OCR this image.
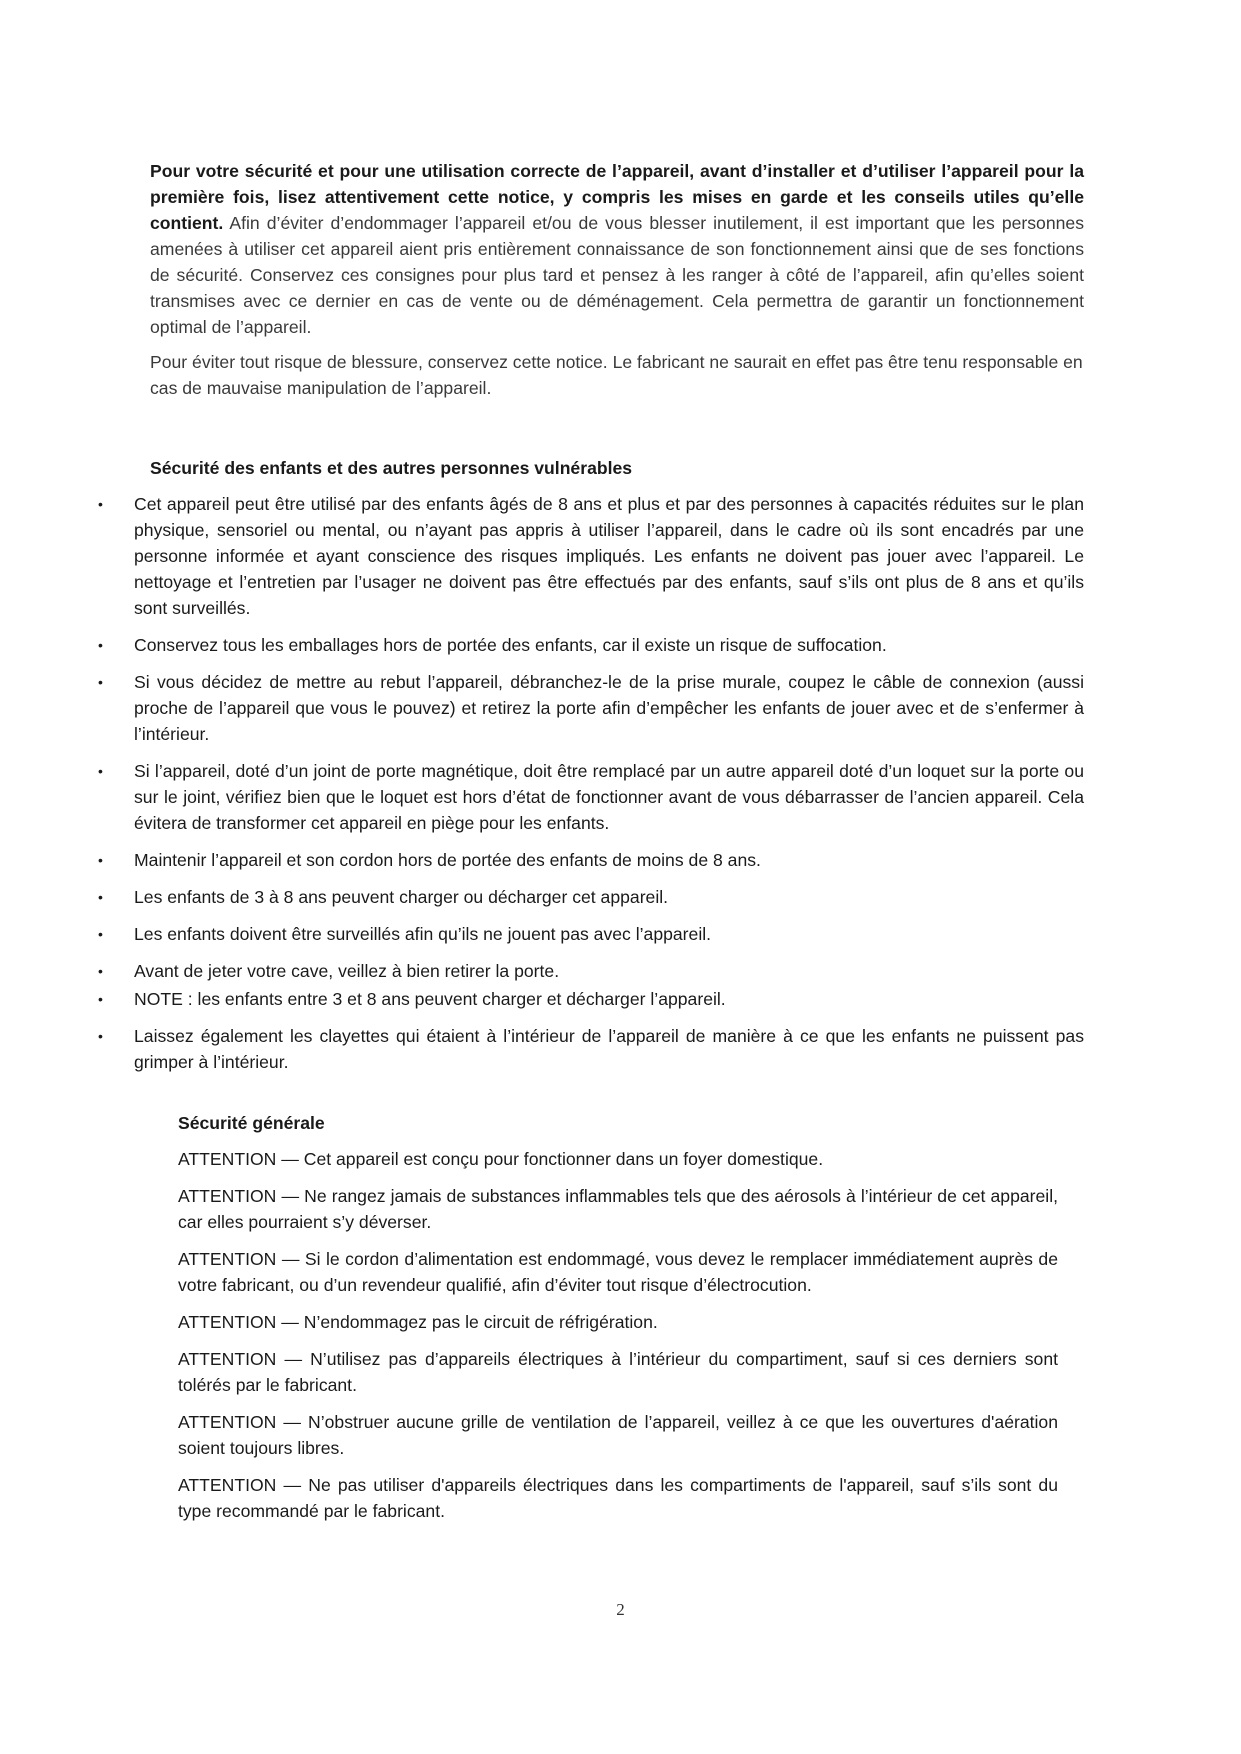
Pour votre sécurité et pour une utilisation correcte de l’appareil, avant d’installer et d’utiliser l’appareil pour la première fois, lisez attentivement cette notice, y compris les mises en garde et les conseils utiles qu’elle contient. Afin d’éviter d’endommager l’appareil et/ou de vous blesser inutilement, il est important que les personnes amenées à utiliser cet appareil aient pris entièrement connaissance de son fonctionnement ainsi que de ses fonctions de sécurité. Conservez ces consignes pour plus tard et pensez à les ranger à côté de l’appareil, afin qu’elles soient transmises avec ce dernier en cas de vente ou de déménagement. Cela permettra de garantir un fonctionnement optimal de l’appareil.

Pour éviter tout risque de blessure, conservez cette notice. Le fabricant ne saurait en effet pas être tenu responsable en cas de mauvaise manipulation de l’appareil.

Sécurité des enfants et des autres personnes vulnérables
•	Cet appareil peut être utilisé par des enfants âgés de 8 ans et plus et par des personnes à capacités réduites sur le plan physique, sensoriel ou mental, ou n’ayant pas appris à utiliser l’appareil, dans le cadre où ils sont encadrés par une personne informée et ayant conscience des risques impliqués. Les enfants ne doivent pas jouer avec l’appareil. Le nettoyage et l’entretien par l’usager ne doivent pas être effectués par des enfants, sauf s’ils ont plus de 8 ans et qu’ils sont surveillés.
•	Conservez tous les emballages hors de portée des enfants, car il existe un risque de suffocation.
•	Si vous décidez de mettre au rebut l’appareil, débranchez-le de la prise murale, coupez le câble de connexion (aussi proche de l’appareil que vous le pouvez) et retirez la porte afin d’empêcher les enfants de jouer avec et de s’enfermer à l’intérieur.
•	Si l’appareil, doté d’un joint de porte magnétique, doit être remplacé par un autre appareil doté d’un loquet sur la porte ou sur le joint, vérifiez bien que le loquet est hors d’état de fonctionner avant de vous débarrasser de l’ancien appareil. Cela évitera de transformer cet appareil en piège pour les enfants.
•	Maintenir l’appareil et son cordon hors de portée des enfants de moins de 8 ans.
•	Les enfants de 3 à 8 ans peuvent charger ou décharger cet appareil.
•	Les enfants doivent être surveillés afin qu’ils ne jouent pas avec l’appareil.
•	Avant de jeter votre cave, veillez à bien retirer la porte.
•	NOTE : les enfants entre 3 et 8 ans peuvent charger et décharger l’appareil.
•	Laissez également les clayettes qui étaient à l’intérieur de l’appareil de manière à ce que les enfants ne puissent pas grimper à l’intérieur.
Sécurité générale

ATTENTION — Cet appareil est conçu pour fonctionner dans un foyer domestique.

ATTENTION — Ne rangez jamais de substances inflammables tels que des aérosols à l’intérieur de cet appareil, car elles pourraient s’y déverser.

ATTENTION — Si le cordon d’alimentation est endommagé, vous devez le remplacer immédiatement auprès de votre fabricant, ou d’un revendeur qualifié, afin d’éviter tout risque d’électrocution.

ATTENTION — N’endommagez pas le circuit de réfrigération.

ATTENTION — N’utilisez pas d’appareils électriques à l’intérieur du compartiment, sauf si ces derniers sont tolérés par le fabricant.

ATTENTION — N’obstruer aucune grille de ventilation de l’appareil, veillez à ce que les ouvertures d'aération soient toujours libres.

ATTENTION — Ne pas utiliser d'appareils électriques dans les compartiments de l'appareil, sauf s’ils sont du type recommandé par le fabricant.

2
